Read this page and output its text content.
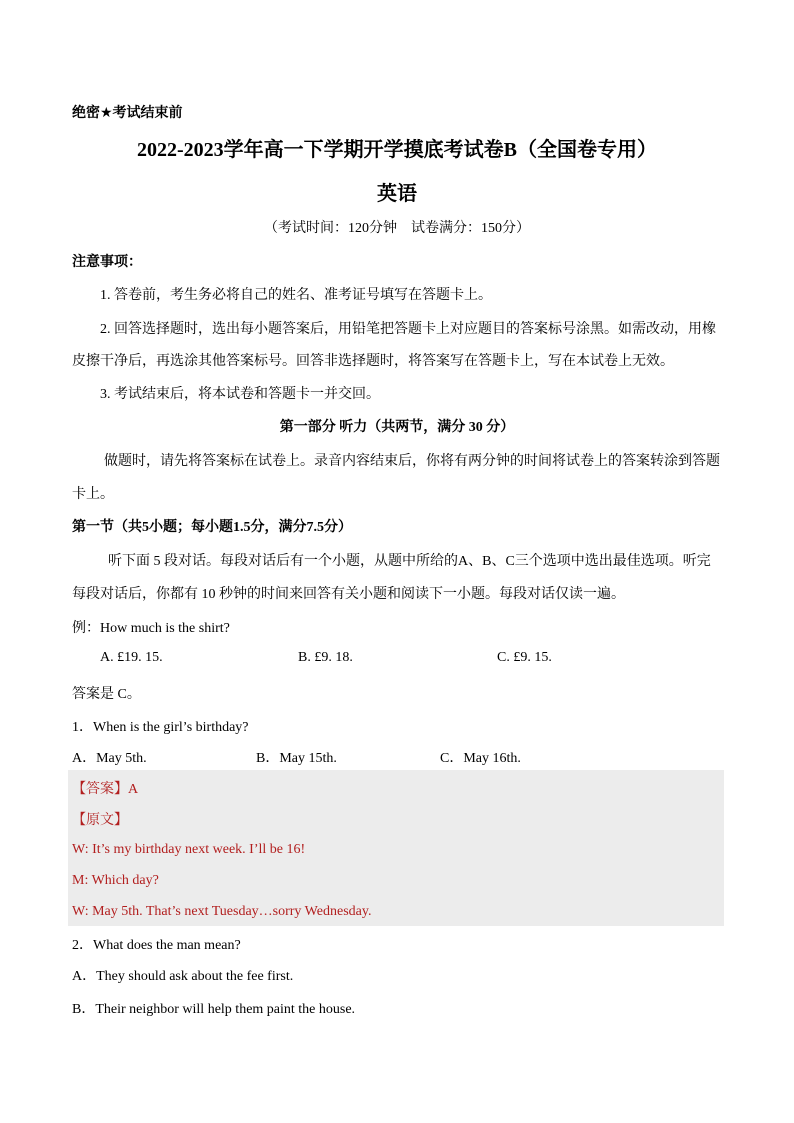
绝密★考试结束前
2022-2023学年高一下学期开学摸底考试卷B（全国卷专用）
英语
（考试时间：120分钟　试卷满分：150分）
注意事项：
1. 答卷前，考生务必将自己的姓名、准考证号填写在答题卡上。
2. 回答选择题时，选出每小题答案后，用铅笔把答题卡上对应题目的答案标号涂黑。如需改动，用橡
皮擦干净后，再选涂其他答案标号。回答非选择题时，将答案写在答题卡上，写在本试卷上无效。
3. 考试结束后，将本试卷和答题卡一并交回。
第一部分 听力（共两节，满分 30 分）
做题时，请先将答案标在试卷上。录音内容结束后，你将有两分钟的时间将试卷上的答案转涂到答题
卡上。
第一节（共5小题；每小题1.5分，满分7.5分）
听下面 5 段对话。每段对话后有一个小题，从题中所给的A、B、C三个选项中选出最佳选项。听完
每段对话后，你都有 10 秒钟的时间来回答有关小题和阅读下一小题。每段对话仅读一遍。
例：How much is the shirt?
A. £19. 15.	B. £9. 18.	C. £9. 15.
答案是 C。
1．When is the girl’s birthday?
A．May 5th.	B．May 15th.	C．May 16th.
【答案】A
【原文】
W: It’s my birthday next week. I’ll be 16!
M: Which day?
W: May 5th. That’s next Tuesday…sorry Wednesday.
2．What does the man mean?
A．They should ask about the fee first.
B．Their neighbor will help them paint the house.
